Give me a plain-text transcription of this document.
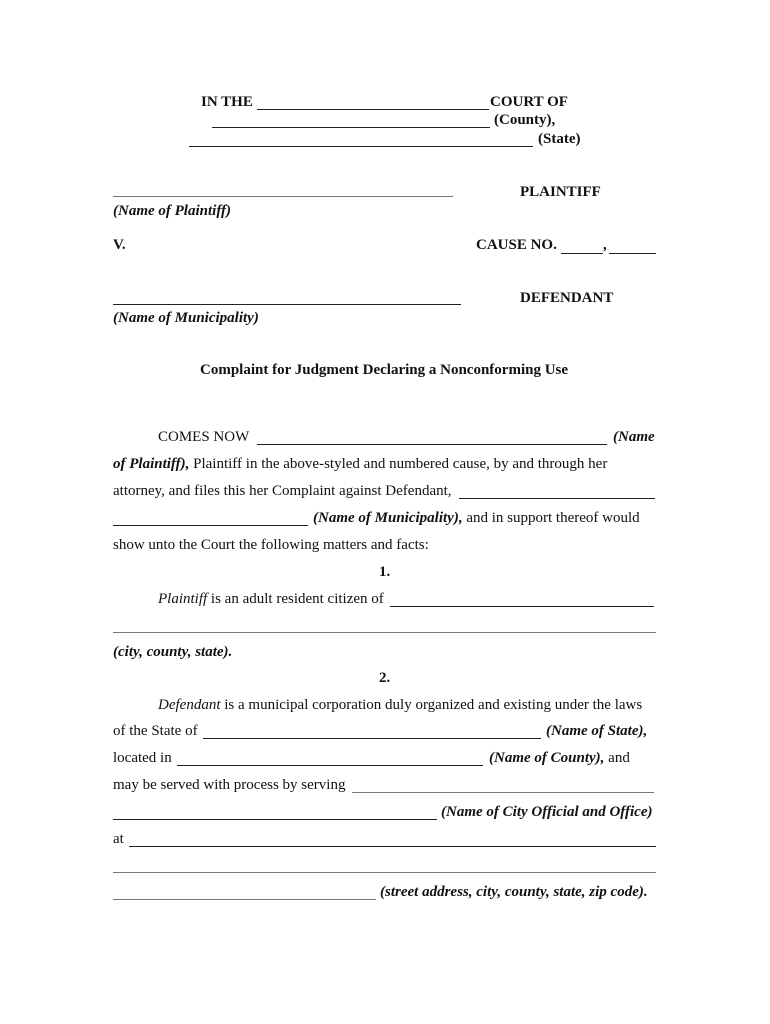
IN THE	COURT OF
(County),
(State)
PLAINTIFF
(Name of Plaintiff)
V.	CAUSE NO.	,
DEFENDANT
(Name of Municipality)
Complaint for Judgment Declaring a Nonconforming Use
COMES NOW	(Name
of Plaintiff), Plaintiff in the above-styled and numbered cause, by and through her
attorney, and files this her Complaint against Defendant,
(Name of Municipality), and in support thereof would
show unto the Court the following matters and facts:
1.
Plaintiff is an adult resident citizen of
(city, county, state).
2.
Defendant is a municipal corporation duly organized and existing under the laws
of the State of	(Name of State),
located in	(Name of County), and
may be served with process by serving
(Name of City Official and Office)
at
(street address, city, county, state, zip code).
